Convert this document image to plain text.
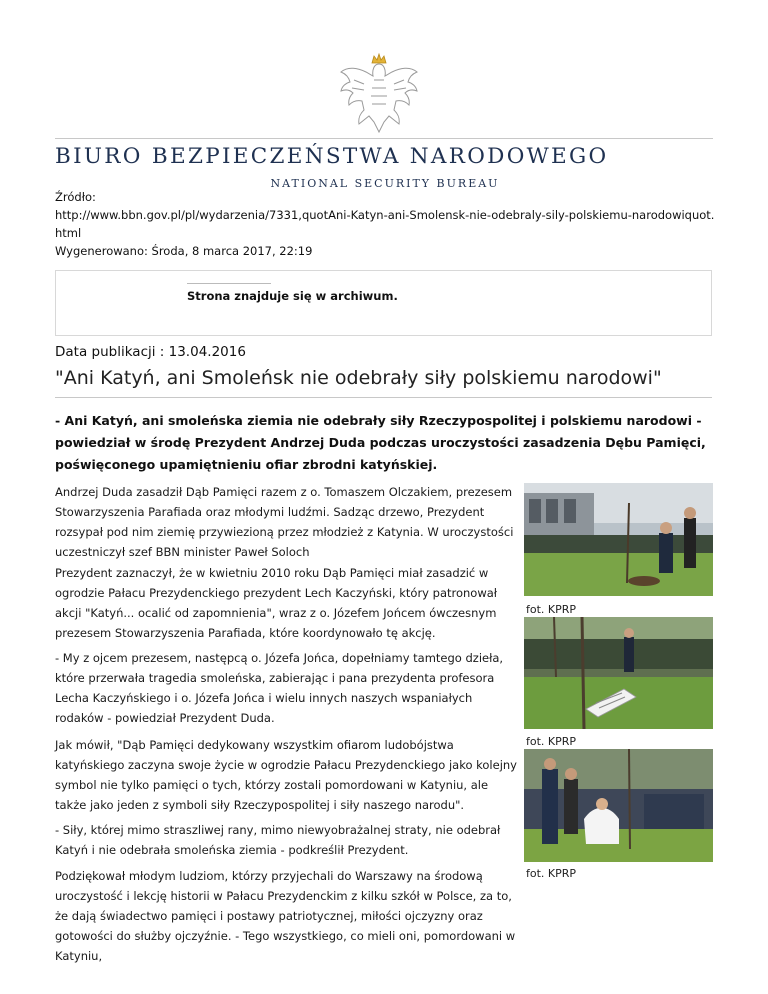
BIURO BEZPIECZEŃSTWA NARODOWEGO
NATIONAL SECURITY BUREAU
Źródło:
http://www.bbn.gov.pl/pl/wydarzenia/7331,quotAni-Katyn-ani-Smolensk-nie-odebraly-sily-polskiemu-narodowiquot.html
Wygenerowano: Środa, 8 marca 2017, 22:19
Strona znajduje się w archiwum.
Data publikacji : 13.04.2016
"Ani Katyń, ani Smoleńsk nie odebrały siły polskiemu narodowi"
- Ani Katyń, ani smoleńska ziemia nie odebrały siły Rzeczypospolitej i polskiemu narodowi - powiedział w środę Prezydent Andrzej Duda podczas uroczystości zasadzenia Dębu Pamięci, poświęconego upamiętnieniu ofiar zbrodni katyńskiej.
Andrzej Duda zasadził Dąb Pamięci razem z o. Tomaszem Olczakiem, prezesem Stowarzyszenia Parafiada oraz młodymi ludźmi. Sadząc drzewo, Prezydent rozsypał pod nim ziemię przywiezioną przez młodzież z Katynia. W uroczystości uczestniczył szef BBN minister Paweł Soloch
Prezydent zaznaczył, że w kwietniu 2010 roku Dąb Pamięci miał zasadzić w ogrodzie Pałacu Prezydenckiego prezydent Lech Kaczyński, który patronował akcji "Katyń... ocalić od zapomnienia", wraz z o. Józefem Jońcem ówczesnym prezesem Stowarzyszenia Parafiada, które koordynowało tę akcję.
- My z ojcem prezesem, następcą o. Józefa Jońca, dopełniamy tamtego dzieła, które przerwała tragedia smoleńska, zabierając i pana prezydenta profesora Lecha Kaczyńskiego i o. Józefa Jońca i wielu innych naszych wspaniałych rodaków - powiedział Prezydent Duda.
Jak mówił, "Dąb Pamięci dedykowany wszystkim ofiarom ludobójstwa katyńskiego zaczyna swoje życie w ogrodzie Pałacu Prezydenckiego jako kolejny symbol nie tylko pamięci o tych, którzy zostali pomordowani w Katyniu, ale także jako jeden z symboli siły Rzeczypospolitej i siły naszego narodu".
- Siły, której mimo straszliwej rany, mimo niewyobrażalnej straty, nie odebrał Katyń i nie odebrała smoleńska ziemia - podkreślił Prezydent.
Podziękował młodym ludziom, którzy przyjechali do Warszawy na środową uroczystość i lekcję historii w Pałacu Prezydenckim z kilku szkół w Polsce, za to, że dają świadectwo pamięci i postawy patriotycznej, miłości ojczyzny oraz gotowości do służby ojczyźnie. - Tego wszystkiego, co mieli oni, pomordowani w Katyniu,
fot. KPRP
fot. KPRP
fot. KPRP
